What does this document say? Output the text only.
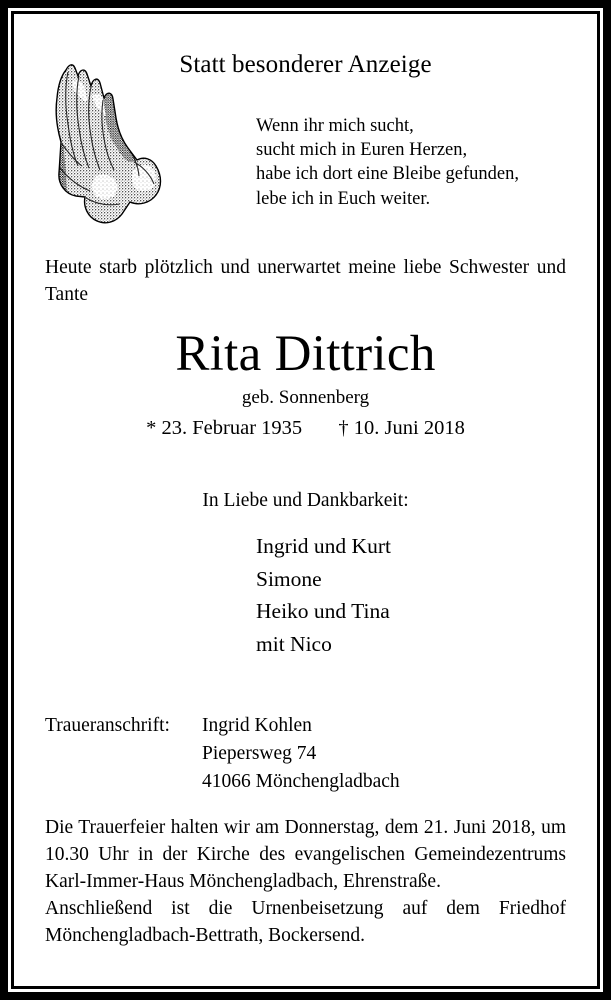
Statt besonderer Anzeige
Wenn ihr mich sucht,
sucht mich in Euren Herzen,
habe ich dort eine Bleibe gefunden,
lebe ich in Euch weiter.
Heute starb plötzlich und unerwartet meine liebe Schwester und Tante
Rita Dittrich
geb. Sonnenberg
* 23. Februar 1935 † 10. Juni 2018
In Liebe und Dankbarkeit:
Ingrid und Kurt
Simone
Heiko und Tina
mit Nico
Traueranschrift: Ingrid Kohlen
Piepersweg 74
41066 Mönchengladbach
Die Trauerfeier halten wir am Donnerstag, dem 21. Juni 2018, um 10.30 Uhr in der Kirche des evangelischen Gemeindezentrums Karl-Immer-Haus Mönchengladbach, Ehrenstraße.
Anschließend ist die Urnenbeisetzung auf dem Friedhof Mönchengladbach-Bettrath, Bockersend.
